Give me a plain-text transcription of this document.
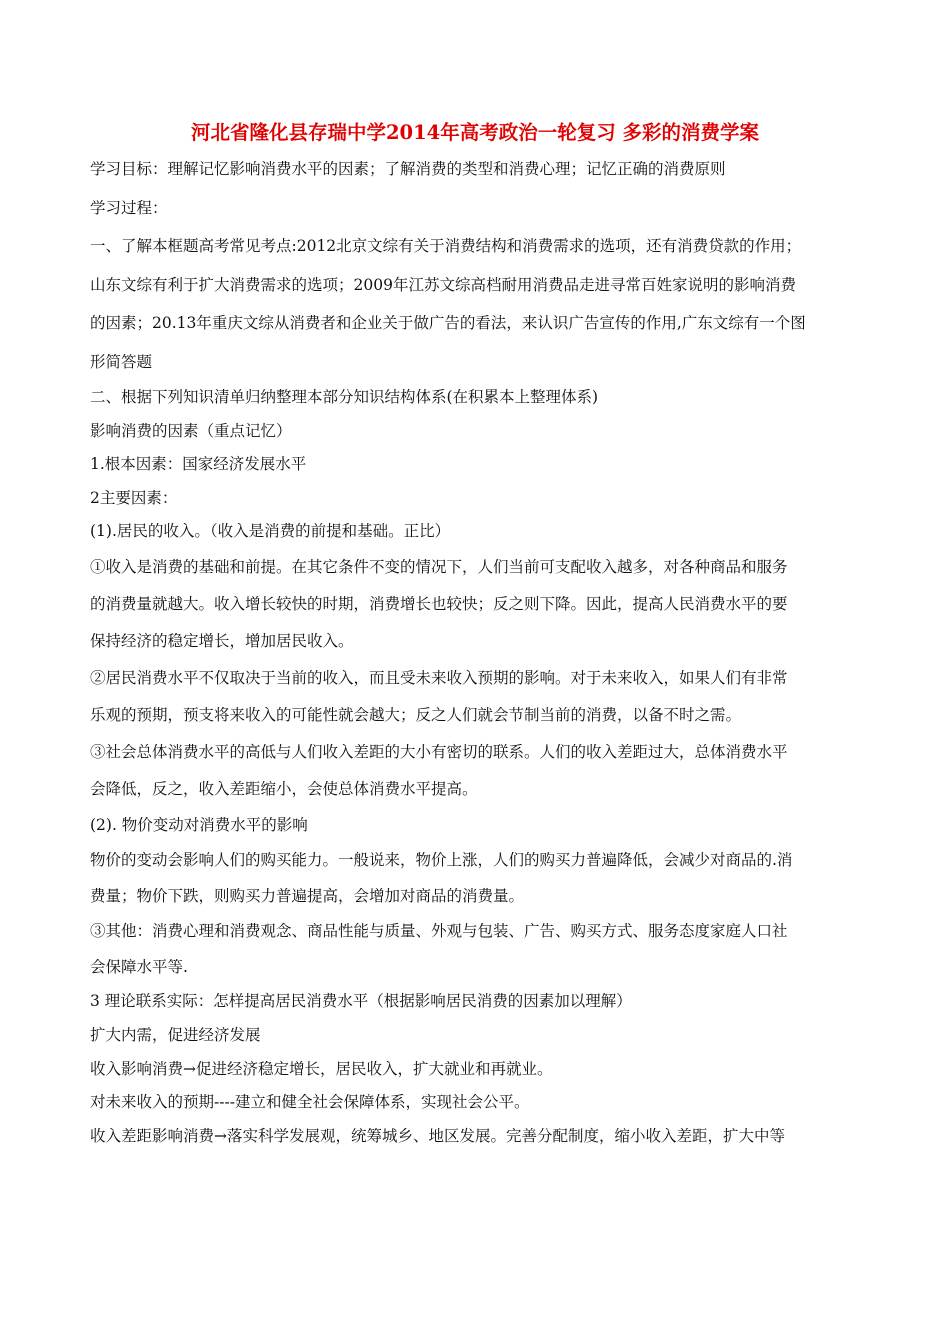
河北省隆化县存瑞中学2014年高考政治一轮复习 多彩的消费学案
学习目标：理解记忆影响消费水平的因素；了解消费的类型和消费心理；记忆正确的消费原则
学习过程：
一、了解本框题高考常见考点:2012北京文综有关于消费结构和消费需求的选项，还有消费贷款的作用；
山东文综有利于扩大消费需求的选项；2009年江苏文综高档耐用消费品走进寻常百姓家说明的影响消费
的因素；20.13年重庆文综从消费者和企业关于做广告的看法，来认识广告宣传的作用,广东文综有一个图
形简答题
二、根据下列知识清单归纳整理本部分知识结构体系(在积累本上整理体系)
影响消费的因素（重点记忆）
1.根本因素：国家经济发展水平
2主要因素：
(1).居民的收入。（收入是消费的前提和基础。正比）
①收入是消费的基础和前提。在其它条件不变的情况下，人们当前可支配收入越多，对各种商品和服务
的消费量就越大。收入增长较快的时期，消费增长也较快；反之则下降。因此，提高人民消费水平的要
保持经济的稳定增长，增加居民收入。
②居民消费水平不仅取决于当前的收入，而且受未来收入预期的影响。对于未来收入，如果人们有非常
乐观的预期，预支将来收入的可能性就会越大；反之人们就会节制当前的消费，以备不时之需。
③社会总体消费水平的高低与人们收入差距的大小有密切的联系。人们的收入差距过大，总体消费水平
会降低，反之，收入差距缩小，会使总体消费水平提高。
(2). 物价变动对消费水平的影响
物价的变动会影响人们的购买能力。一般说来，物价上涨，人们的购买力普遍降低，会减少对商品的.消
费量；物价下跌，则购买力普遍提高，会增加对商品的消费量。
③其他：消费心理和消费观念、商品性能与质量、外观与包装、广告、购买方式、服务态度家庭人口社
会保障水平等.
3 理论联系实际：怎样提高居民消费水平（根据影响居民消费的因素加以理解）
扩大内需，促进经济发展
收入影响消费→促进经济稳定增长，居民收入，扩大就业和再就业。
对未来收入的预期----建立和健全社会保障体系，实现社会公平。
收入差距影响消费→落实科学发展观，统筹城乡、地区发展。完善分配制度，缩小收入差距，扩大中等
